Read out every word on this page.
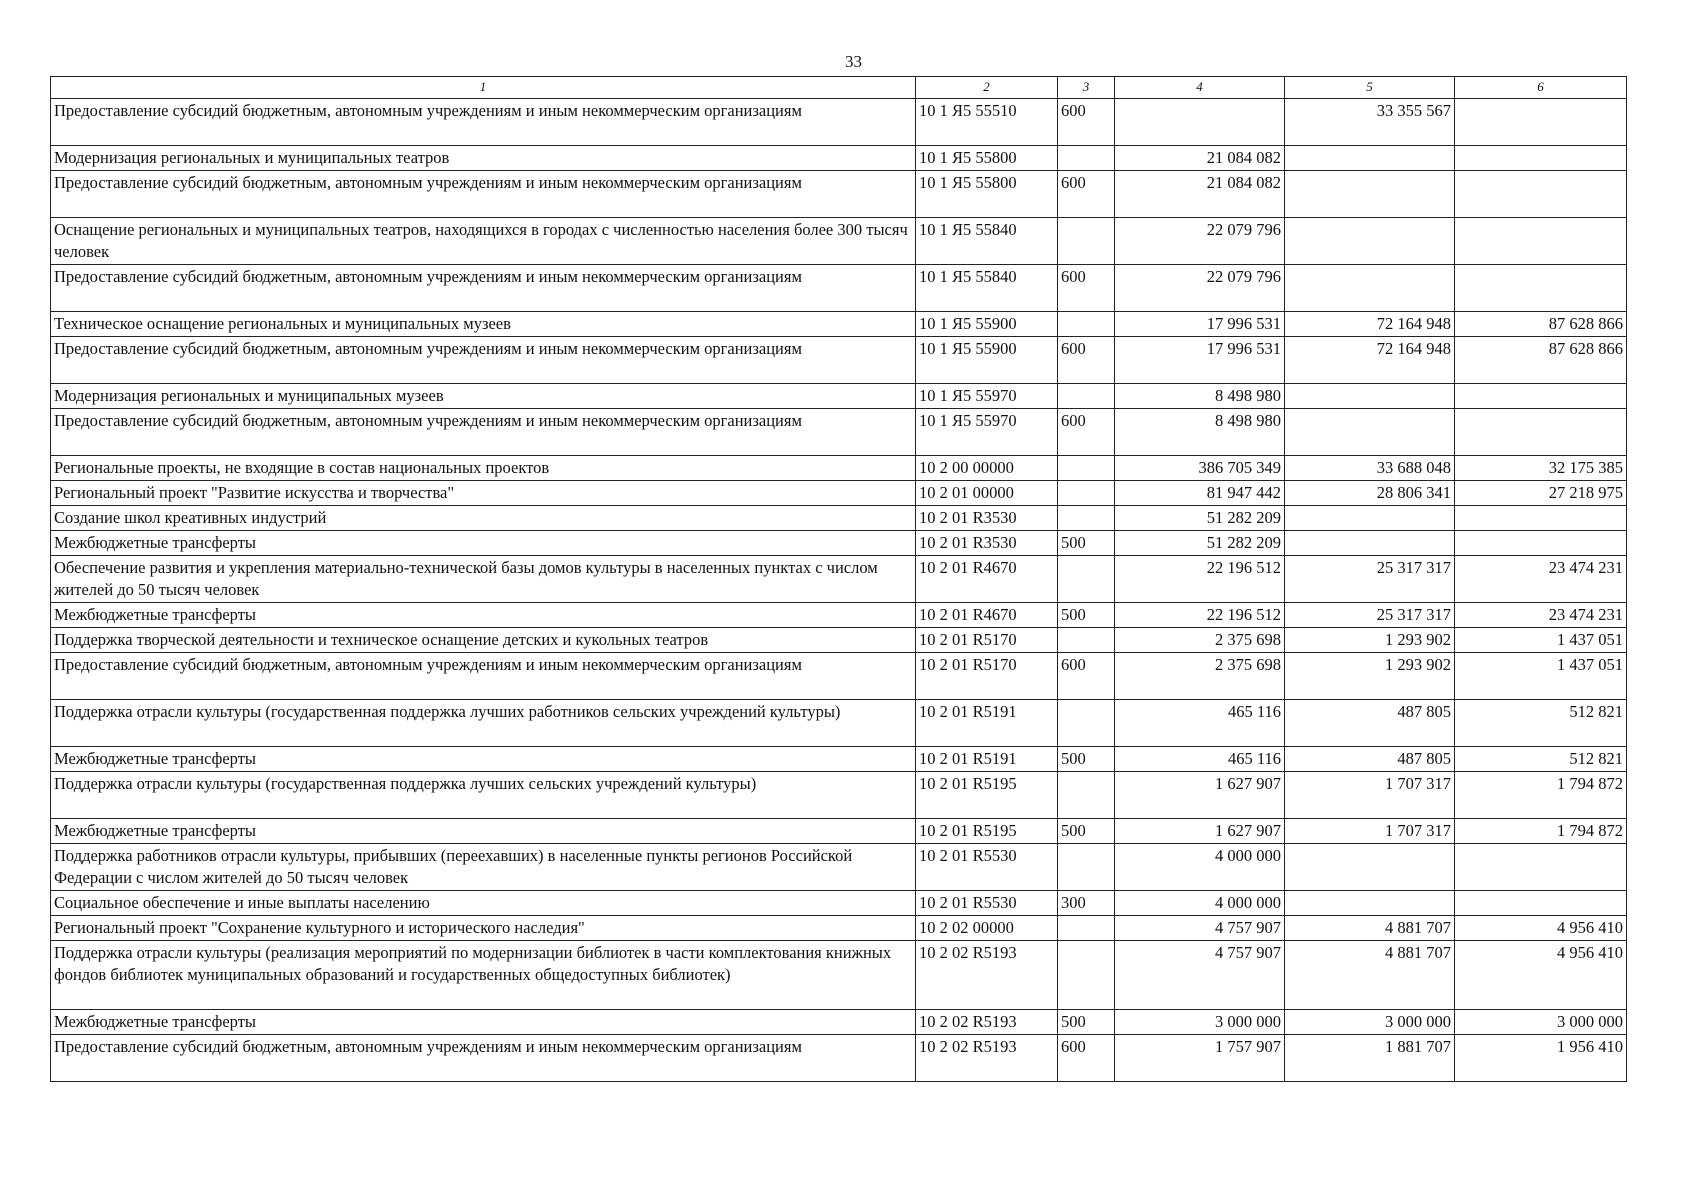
33
1	2	3	4	5	6
Предоставление субсидий бюджетным, автономным учреждениям и иным некоммерческим организациям	10 1 Я5 55510	600		33 355 567	
Модернизация региональных и муниципальных театров	10 1 Я5 55800		21 084 082		
Предоставление субсидий бюджетным, автономным учреждениям и иным некоммерческим организациям	10 1 Я5 55800	600	21 084 082		
Оснащение региональных и муниципальных театров, находящихся в городах с численностью населения более 300 тысяч человек	10 1 Я5 55840		22 079 796		
Предоставление субсидий бюджетным, автономным учреждениям и иным некоммерческим организациям	10 1 Я5 55840	600	22 079 796		
Техническое оснащение региональных и муниципальных музеев	10 1 Я5 55900		17 996 531	72 164 948	87 628 866
Предоставление субсидий бюджетным, автономным учреждениям и иным некоммерческим организациям	10 1 Я5 55900	600	17 996 531	72 164 948	87 628 866
Модернизация региональных и муниципальных музеев	10 1 Я5 55970		8 498 980		
Предоставление субсидий бюджетным, автономным учреждениям и иным некоммерческим организациям	10 1 Я5 55970	600	8 498 980		
Региональные проекты, не входящие в состав национальных проектов	10 2 00 00000		386 705 349	33 688 048	32 175 385
Региональный проект "Развитие искусства и творчества"	10 2 01 00000		81 947 442	28 806 341	27 218 975
Создание школ креативных индустрий	10 2 01 R3530		51 282 209		
Межбюджетные трансферты	10 2 01 R3530	500	51 282 209		
Обеспечение развития и укрепления материально-технической базы домов культуры в населенных пунктах с числом жителей до 50 тысяч человек	10 2 01 R4670		22 196 512	25 317 317	23 474 231
Межбюджетные трансферты	10 2 01 R4670	500	22 196 512	25 317 317	23 474 231
Поддержка творческой деятельности и техническое оснащение детских и кукольных театров	10 2 01 R5170		2 375 698	1 293 902	1 437 051
Предоставление субсидий бюджетным, автономным учреждениям и иным некоммерческим организациям	10 2 01 R5170	600	2 375 698	1 293 902	1 437 051
Поддержка отрасли культуры (государственная поддержка лучших работников сельских учреждений культуры)	10 2 01 R5191		465 116	487 805	512 821
Межбюджетные трансферты	10 2 01 R5191	500	465 116	487 805	512 821
Поддержка отрасли культуры (государственная поддержка лучших сельских учреждений культуры)	10 2 01 R5195		1 627 907	1 707 317	1 794 872
Межбюджетные трансферты	10 2 01 R5195	500	1 627 907	1 707 317	1 794 872
Поддержка работников отрасли культуры, прибывших (переехавших) в населенные пункты регионов Российской Федерации с числом жителей до 50 тысяч человек	10 2 01 R5530		4 000 000		
Социальное обеспечение и иные выплаты населению	10 2 01 R5530	300	4 000 000		
Региональный проект "Сохранение культурного и исторического наследия"	10 2 02 00000		4 757 907	4 881 707	4 956 410
Поддержка отрасли культуры (реализация мероприятий по модернизации библиотек в части комплектования книжных фондов библиотек муниципальных образований и государственных общедоступных библиотек)	10 2 02 R5193		4 757 907	4 881 707	4 956 410
Межбюджетные трансферты	10 2 02 R5193	500	3 000 000	3 000 000	3 000 000
Предоставление субсидий бюджетным, автономным учреждениям и иным некоммерческим организациям	10 2 02 R5193	600	1 757 907	1 881 707	1 956 410
